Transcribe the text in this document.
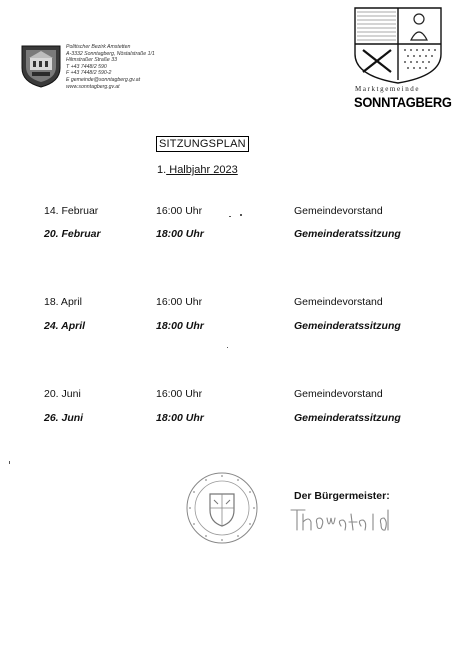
Politischer Bezirk Amstetten
A-3332 Sonntagberg, Nöstalstraße 1/1
Hilmstraßer Straße 33
T +43 7448/2 590
F +43 7448/2 590-2
E gemeinde@sonntagberg.gv.at
www.sonntagberg.gv.at	Marktgemeinde
SONNTAGBERG
SITZUNGSPLAN
1. Halbjahr 2023
14. Februar	16:00 Uhr	Gemeindevorstand
20. Februar	18:00 Uhr	Gemeinderatssitzung
18. April	16:00 Uhr	Gemeindevorstand
24. April	18:00 Uhr	Gemeinderatssitzung
20. Juni	16:00 Uhr	Gemeindevorstand
26. Juni	18:00 Uhr	Gemeinderatssitzung
Der Bürgermeister:
